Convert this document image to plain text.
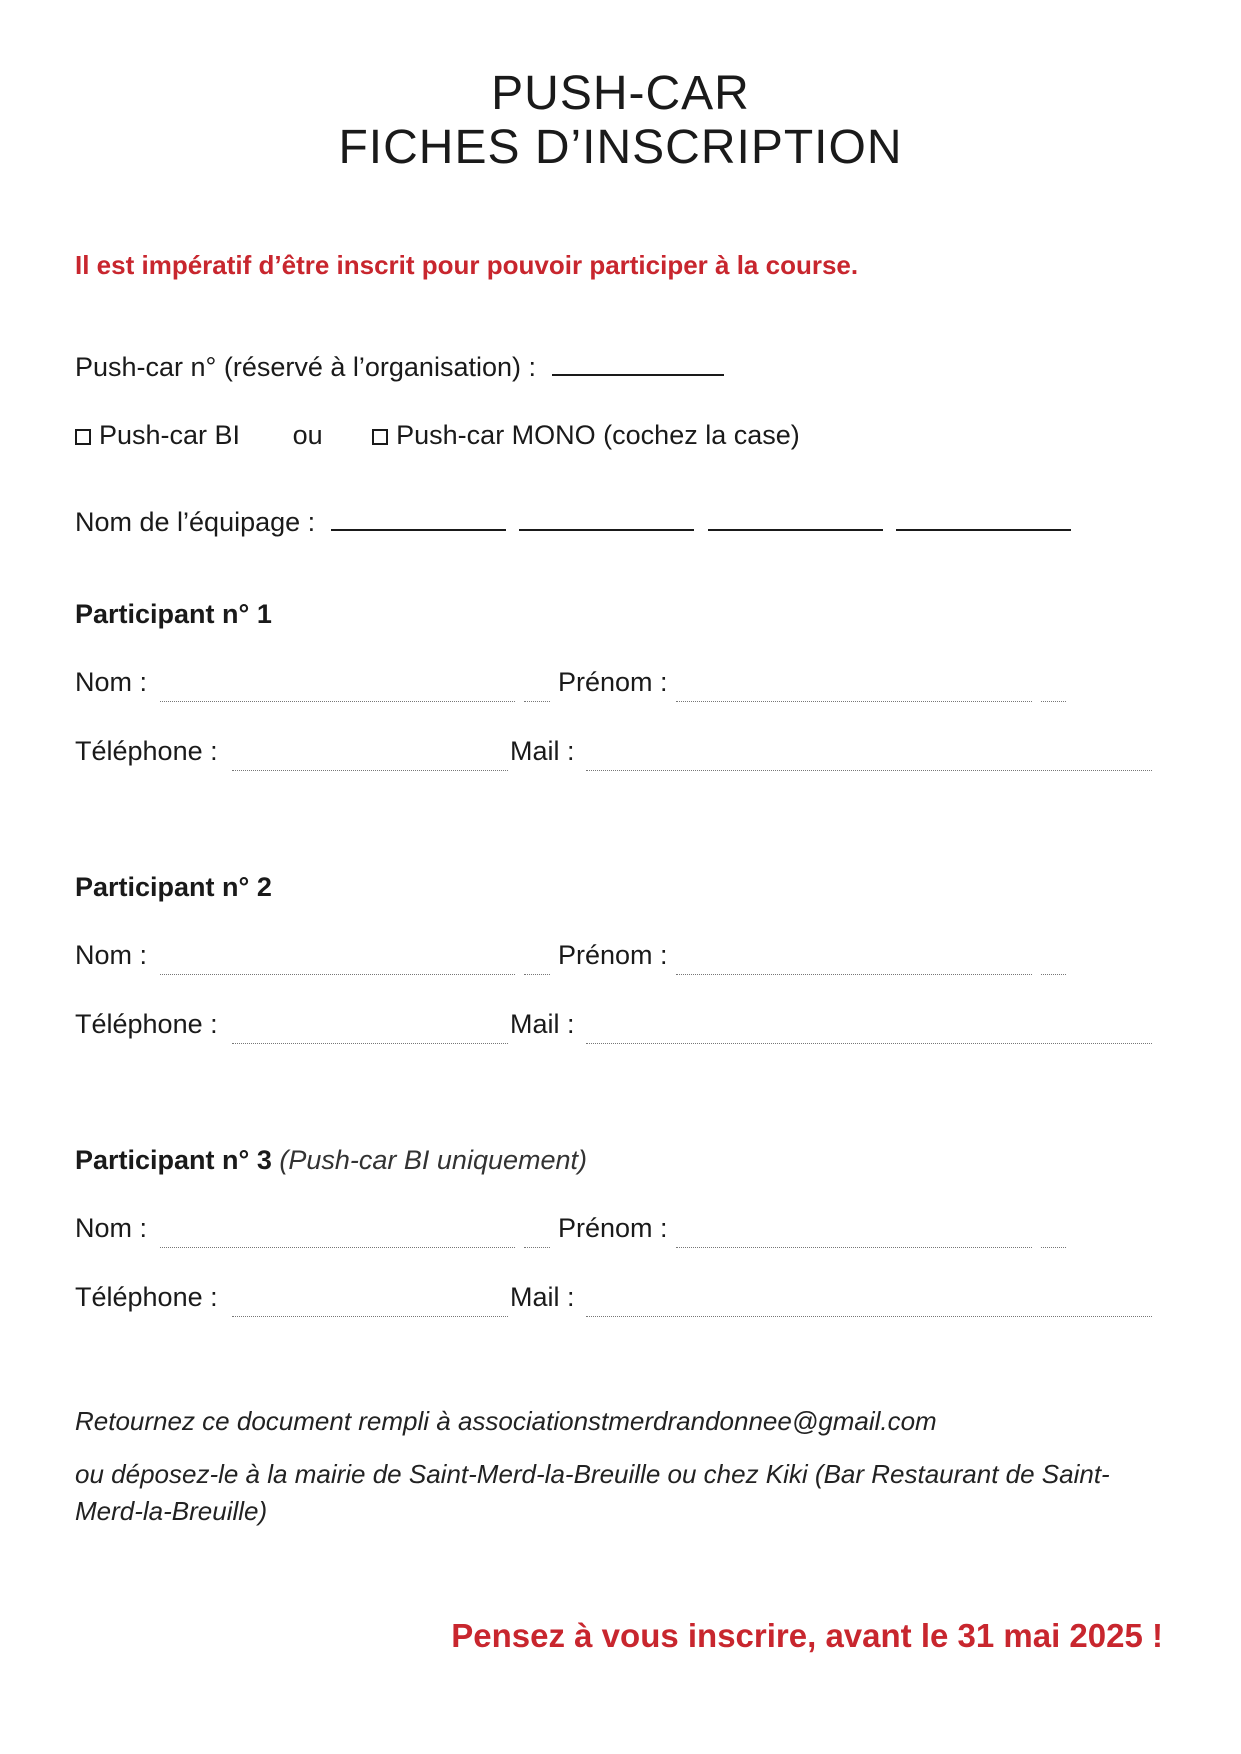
PUSH-CAR
FICHES D’INSCRIPTION
Il est impératif d’être inscrit pour pouvoir participer à la course.
Push-car n° (réservé à l’organisation) :
Push-car BI ou	Push-car MONO (cochez la case)
Nom de l’équipage :
Participant n° 1
Nom :	Prénom :
Téléphone :	Mail :
Participant n° 2
Nom :	Prénom :
Téléphone :	Mail :
Participant n° 3 (Push-car BI uniquement)
Nom :	Prénom :
Téléphone :	Mail :
Retournez ce document rempli à associationstmerdrandonnee@gmail.com
ou déposez-le à la mairie de Saint-Merd-la-Breuille ou chez Kiki (Bar Restaurant de Saint-Merd-la-Breuille)
Pensez à vous inscrire, avant le 31 mai 2025 !
